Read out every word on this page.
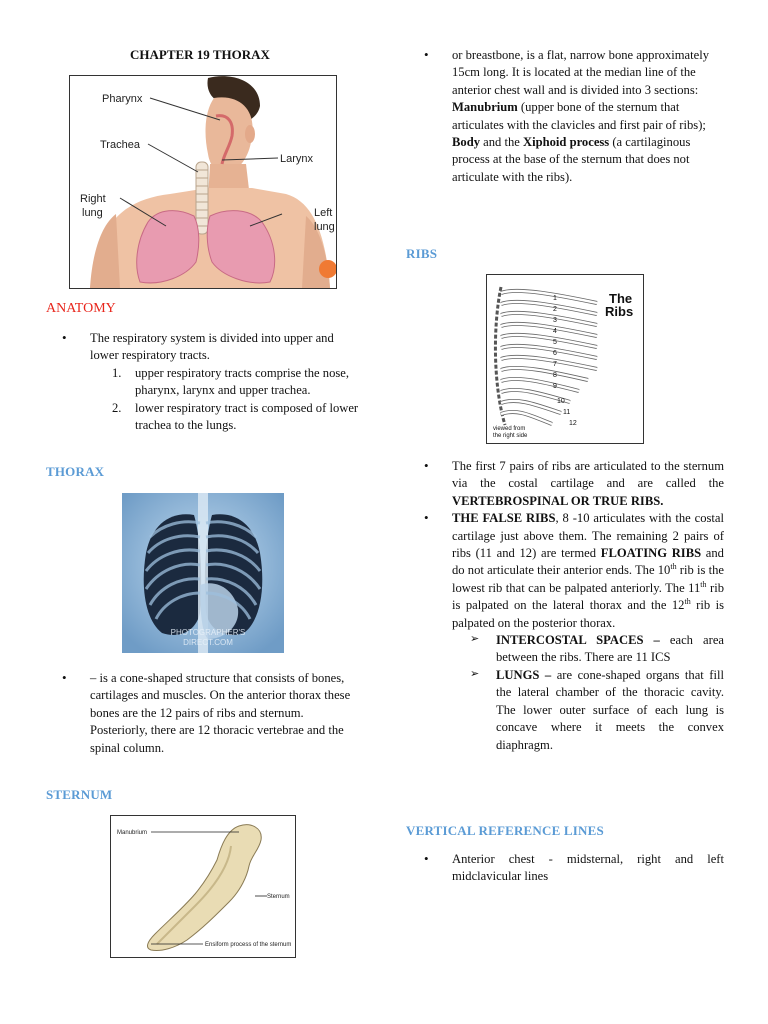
CHAPTER 19 THORAX
Pharynx
Trachea
Larynx
Right
lung	Left
lung
ANATOMY
• The respiratory system is divided into upper and lower respiratory tracts.
1. upper respiratory tracts comprise the nose, pharynx, larynx and upper trachea.
2. lower respiratory tract is composed of lower trachea to the lungs.
THORAX
PHOTOGRAPHER'S
DIRECT.COM
• – is a cone-shaped structure that consists of bones, cartilages and muscles. On the anterior thorax these bones are the 12 pairs of ribs and sternum. Posteriorly, there are 12 thoracic vertebrae and the spinal column.
STERNUM
Manubrium
Sternum
Ensiform process of the sternum
• or breastbone, is a flat, narrow bone approximately 15cm long. It is located at the median line of the anterior chest wall and is divided into 3 sections: Manubrium (upper bone of the sternum that articulates with the clavicles and first pair of ribs); Body and the Xiphoid process (a cartilaginous process at the base of the sternum that does not articulate with the ribs).
RIBS
1
2
3
4
5
6
7
8
9
10
11
12
The
Ribs
viewed from
the right side
• The first 7 pairs of ribs are articulated to the sternum via the costal cartilage and are called the VERTEBROSPINAL OR TRUE RIBS.
• THE FALSE RIBS, 8 -10 articulates with the costal cartilage just above them. The remaining 2 pairs of ribs (11 and 12) are termed FLOATING RIBS and do not articulate their anterior ends. The 10th rib is the lowest rib that can be palpated anteriorly. The 11th rib is palpated on the lateral thorax and the 12th rib is palpated on the posterior thorax.
➢ INTERCOSTAL SPACES – each area between the ribs. There are 11 ICS
➢ LUNGS – are cone-shaped organs that fill the lateral chamber of the thoracic cavity. The lower outer surface of each lung is concave where it meets the convex diaphragm.
VERTICAL REFERENCE LINES
• Anterior chest - midsternal, right and left midclavicular lines
